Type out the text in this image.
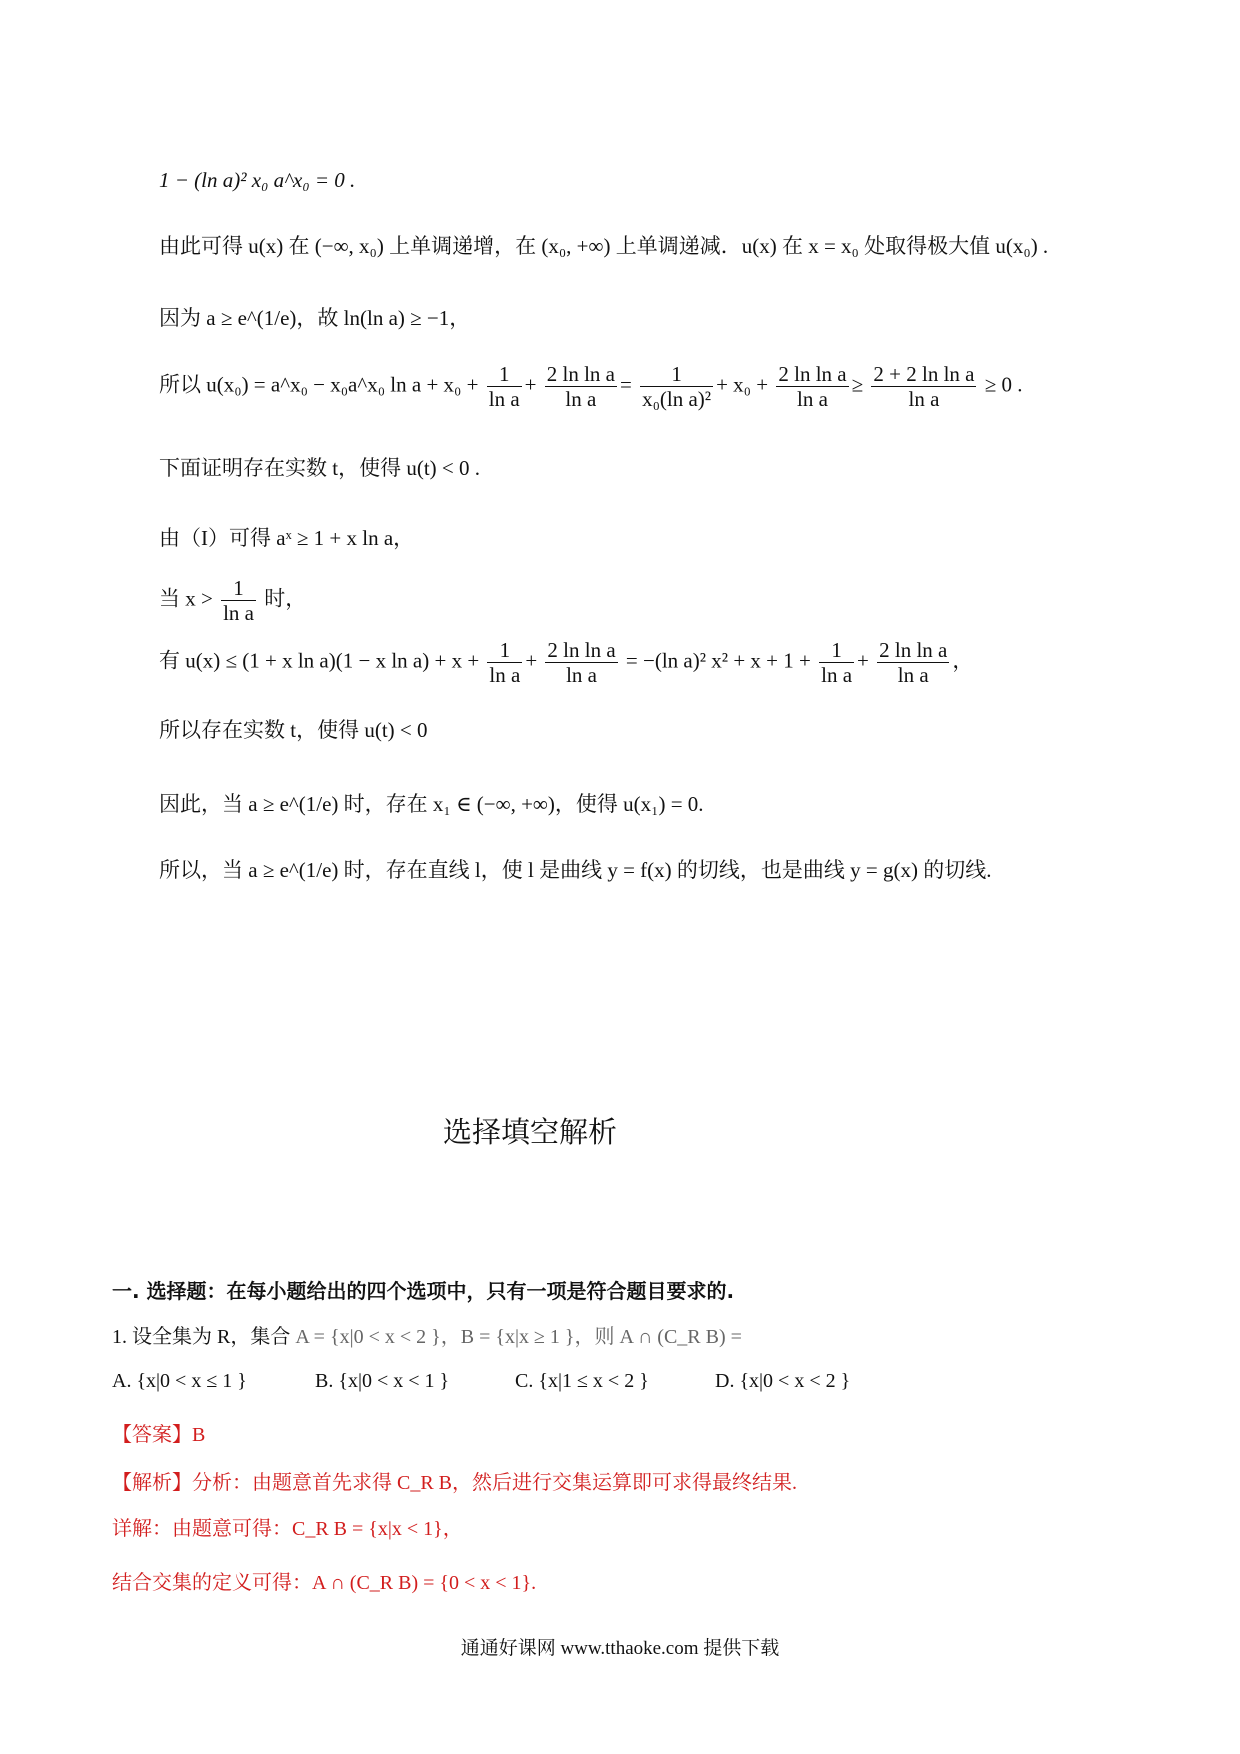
1 − (ln a)² x₀ a^x₀ = 0 .
由此可得 u(x) 在 (−∞, x₀) 上单调递增，在 (x₀, +∞) 上单调递减．u(x) 在 x = x₀ 处取得极大值 u(x₀) .
因为 a ≥ e^(1/e)，故 ln(ln a) ≥ −1，
所以 u(x₀) = a^x₀ − x₀a^x₀ $\ln a + x_0 + \frac{1}{\text{ln a}} + \frac{\text{2 ln ln a}}{\text{ln a}} = \frac{1}{\text{x₀(ln a)²}} + x_0 + \frac{\text{2 ln ln a}}{\text{ln a}} \ge \frac{\text{2 + 2 ln ln a}}{\text{ln a}} \ge 0$ .
下面证明存在实数 t，使得 u(t) < 0 .
由（I）可得 aˣ ≥ 1 + x ln a，
当 $x > \frac{1}{\text{ln a}}$ 时，
有 u(x) ≤ (1 + x ln a)(1 − x $\ln a) + x + \frac{1}{\text{ln a}} + \frac{\text{2 ln ln a}}{\text{ln a}} = -(\ln$ a)² $x^2 + x + 1 + \frac{1}{\text{ln a}} + \frac{\text{2 ln ln a}}{\text{ln a}}$ ，
所以存在实数 t，使得 u(t) < 0
因此，当 a ≥ e^(1/e) 时，存在 x₁ ∈ (−∞, +∞)，使得 u(x₁) = 0.
所以，当 a ≥ e^(1/e) 时，存在直线 l，使 l 是曲线 y = f(x) 的切线，也是曲线 y = g(x) 的切线.
选择填空解析
一. 选择题：在每小题给出的四个选项中，只有一项是符合题目要求的.
1. 设全集为 R，集合 A = {x|0 < x < 2 }，B = {x|x ≥ 1 }，则 A ∩ (C_R B) =
A. {x|0 < x ≤ 1 }	B. {x|0 < x < 1 }	C. {x|1 ≤ x < 2 }	D. {x|0 < x < 2 }
【答案】B
【解析】分析：由题意首先求得 C_R B，然后进行交集运算即可求得最终结果.
详解：由题意可得：C_R B = {x|x < 1}，
结合交集的定义可得：A ∩ (C_R B) = {0 < x < 1}.
通通好课网 www.tthaoke.com 提供下载
